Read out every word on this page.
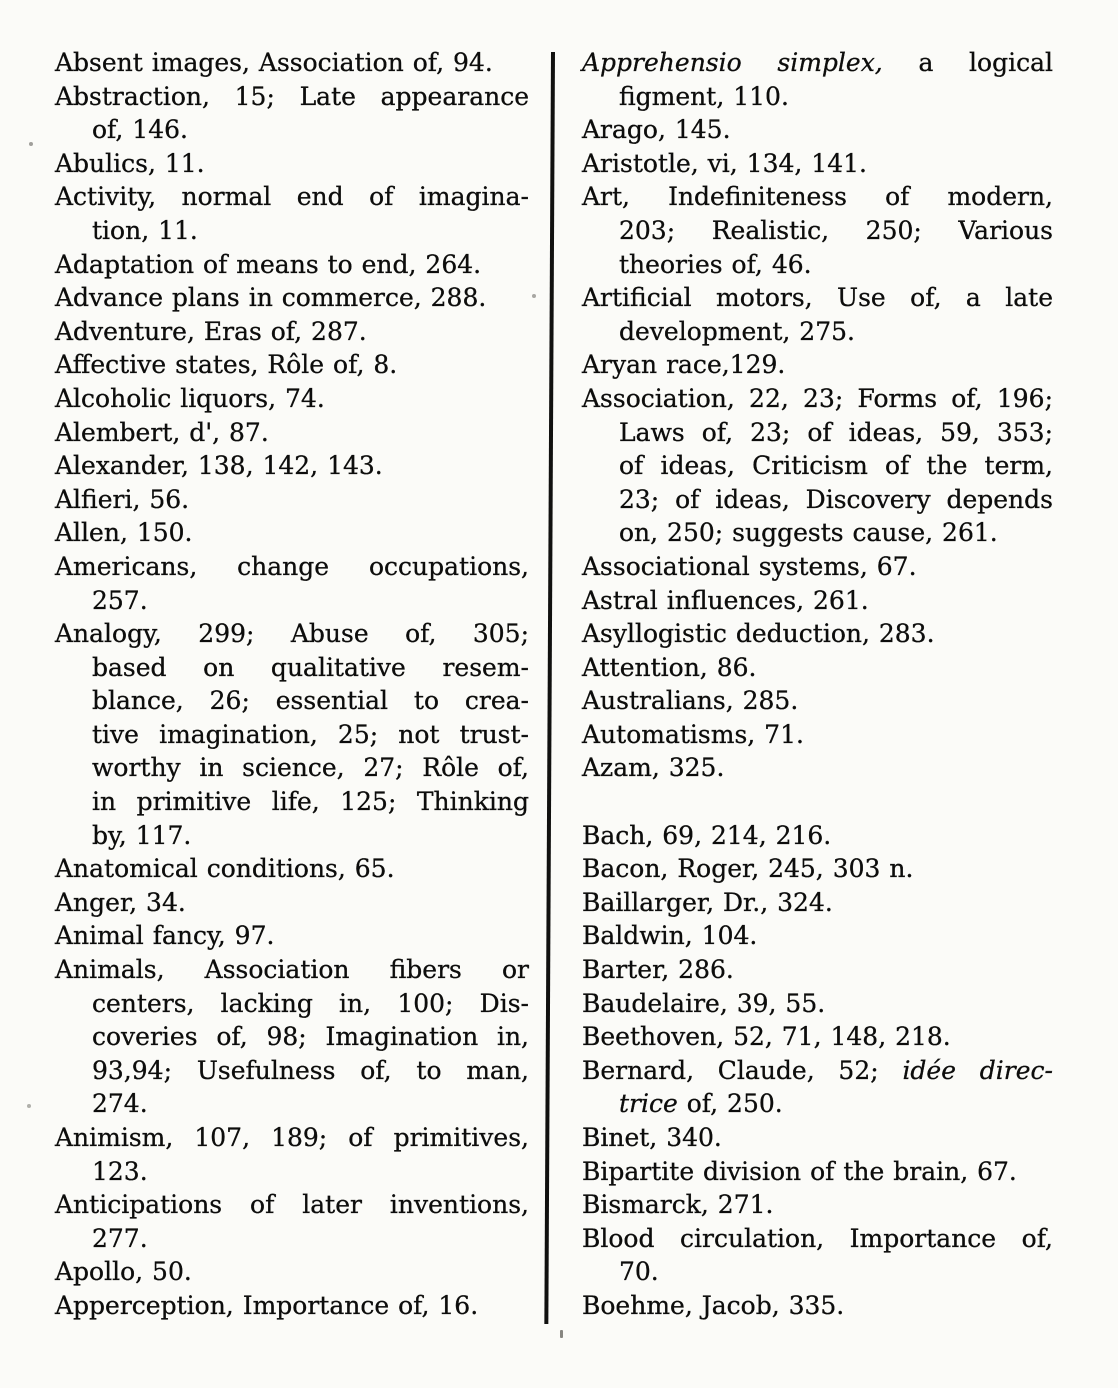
Absent images, Association of, 94.

Abstraction, 15; Late appearance
of, 146.

Abulics, 11.

Activity, normal end of imagina-
tion, 11.

Adaptation of means to end, 264.

Advance plans in commerce, 288.

Adventure, Eras of, 287.

Affective states, Rôle of, 8.

Alcoholic liquors, 74.

Alembert, d', 87.

Alexander, 138, 142, 143.

Alfieri, 56.

Allen, 150.

Americans, change occupations,
257.

Analogy, 299; Abuse of, 305;
based on qualitative resem-
blance, 26; essential to crea-
tive imagination, 25; not trust-
worthy in science, 27; Rôle of,
in primitive life, 125; Thinking
by, 117.

Anatomical conditions, 65.

Anger, 34.

Animal fancy, 97.

Animals, Association fibers or
centers, lacking in, 100; Dis-
coveries of, 98; Imagination in,
93,94; Usefulness of, to man,
274.

Animism, 107, 189; of primitives,
123.

Anticipations of later inventions,
277.

Apollo, 50.

Apperception, Importance of, 16.

Apprehensio simplex, a logical
figment, 110.

Arago, 145.

Aristotle, vi, 134, 141.

Art, Indefiniteness of modern,
203; Realistic, 250; Various
theories of, 46.

Artificial motors, Use of, a late
development, 275.

Aryan race,129.

Association, 22, 23; Forms of, 196;
Laws of, 23; of ideas, 59, 353;
of ideas, Criticism of the term,
23; of ideas, Discovery depends
on, 250; suggests cause, 261.

Associational systems, 67.

Astral influences, 261.

Asyllogistic deduction, 283.

Attention, 86.

Australians, 285.

Automatisms, 71.

Azam, 325.

Bach, 69, 214, 216.

Bacon, Roger, 245, 303 n.

Baillarger, Dr., 324.

Baldwin, 104.

Barter, 286.

Baudelaire, 39, 55.

Beethoven, 52, 71, 148, 218.

Bernard, Claude, 52; idée direc-
trice of, 250.

Binet, 340.

Bipartite division of the brain, 67.

Bismarck, 271.

Blood circulation, Importance of,
70.

Boehme, Jacob, 335.
